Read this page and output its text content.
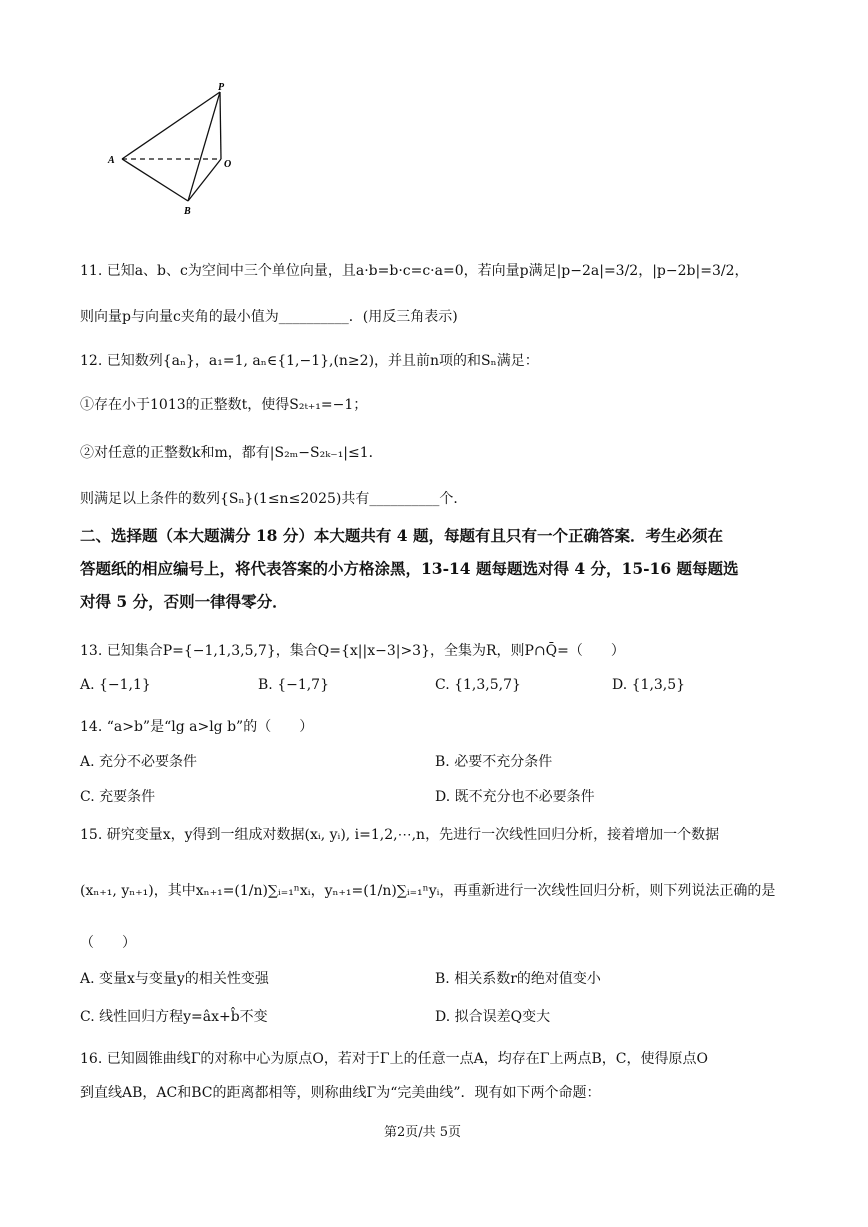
P
A	O
B
11. 已知a、b、c为空间中三个单位向量，且a·b=b·c=c·a=0，若向量p满足|p−2a|=3/2，|p−2b|=3/2，
则向量p与向量c夹角的最小值为__________．(用反三角表示)
12. 已知数列{aₙ}，a₁=1, aₙ∈{1,−1},(n≥2)，并且前n项的和Sₙ满足：
①存在小于1013的正整数t，使得S₂ₜ₊₁=−1；
②对任意的正整数k和m，都有|S₂ₘ−S₂ₖ₋₁|≤1．
则满足以上条件的数列{Sₙ}(1≤n≤2025)共有__________个．
二、选择题（本大题满分 18 分）本大题共有 4 题，每题有且只有一个正确答案．考生必须在
答题纸的相应编号上，将代表答案的小方格涂黑，13-14 题每题选对得 4 分，15-16 题每题选
对得 5 分，否则一律得零分．
13. 已知集合P={−1,1,3,5,7}，集合Q={x||x−3|>3}，全集为R，则P∩Q̄=（　　）
A. {−1,1}	B. {−1,7}	C. {1,3,5,7}	D. {1,3,5}
14. “a>b”是“lg a>lg b”的（　　）
A. 充分不必要条件	B. 必要不充分条件
C. 充要条件	D. 既不充分也不必要条件
15. 研究变量x，y得到一组成对数据(xᵢ, yᵢ), i=1,2,⋯,n，先进行一次线性回归分析，接着增加一个数据
(xₙ₊₁, yₙ₊₁)，其中xₙ₊₁=(1/n)∑ᵢ₌₁ⁿxᵢ，yₙ₊₁=(1/n)∑ᵢ₌₁ⁿyᵢ，再重新进行一次线性回归分析，则下列说法正确的是
（　　）
A. 变量x与变量y的相关性变强	B. 相关系数r的绝对值变小
C. 线性回归方程y=âx+b̂不变	D. 拟合误差Q变大
16. 已知圆锥曲线Γ的对称中心为原点O，若对于Γ上的任意一点A，均存在Γ上两点B，C，使得原点O
到直线AB，AC和BC的距离都相等，则称曲线Γ为“完美曲线”．现有如下两个命题：
第2页/共 5页
